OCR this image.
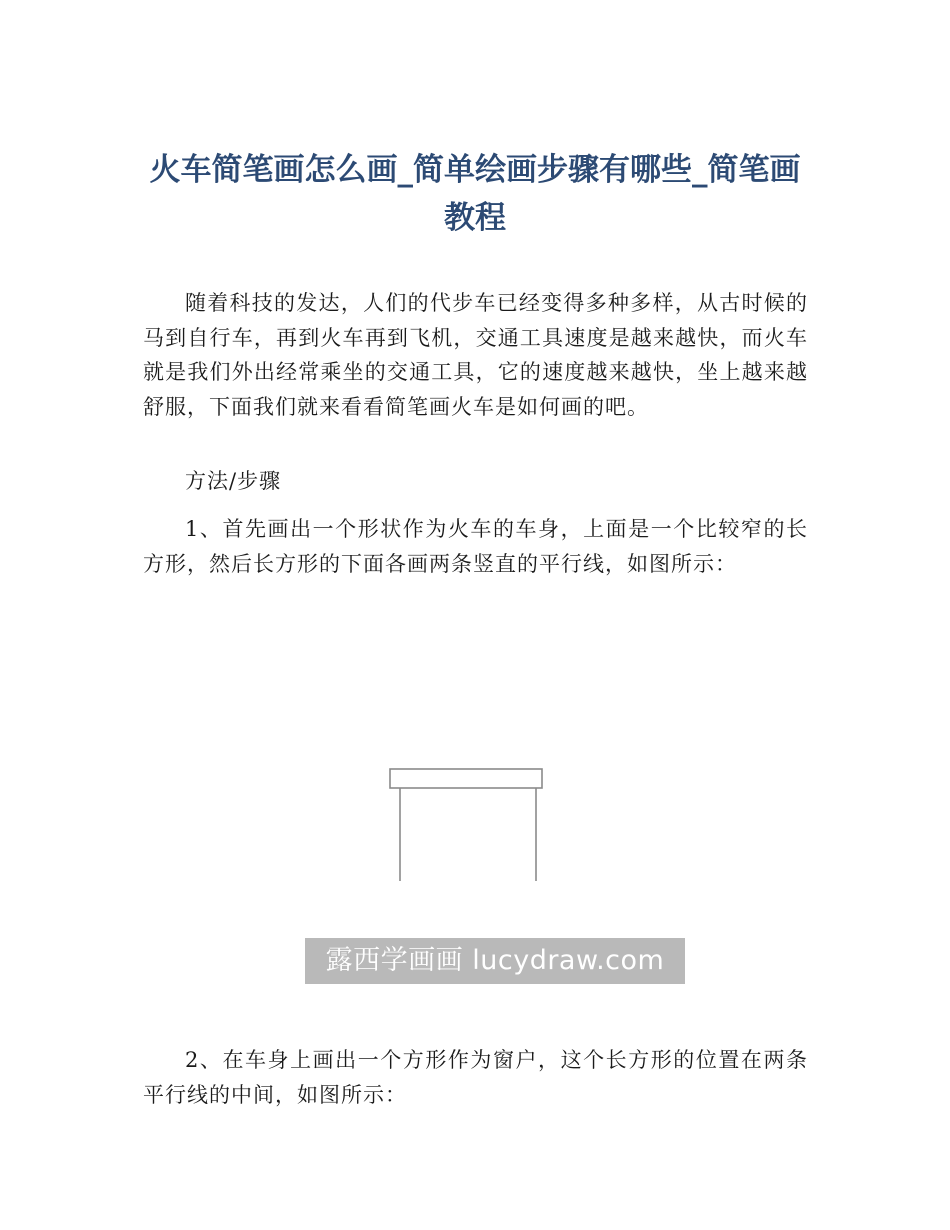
火车简笔画怎么画_简单绘画步骤有哪些_简笔画教程

随着科技的发达，人们的代步车已经变得多种多样，从古时候的马到自行车，再到火车再到飞机，交通工具速度是越来越快，而火车就是我们外出经常乘坐的交通工具，它的速度越来越快，坐上越来越舒服，下面我们就来看看简笔画火车是如何画的吧。

方法/步骤

1、首先画出一个形状作为火车的车身，上面是一个比较窄的长方形，然后长方形的下面各画两条竖直的平行线，如图所示：

露西学画画 lucydraw.com

2、在车身上画出一个方形作为窗户，这个长方形的位置在两条平行线的中间，如图所示：
